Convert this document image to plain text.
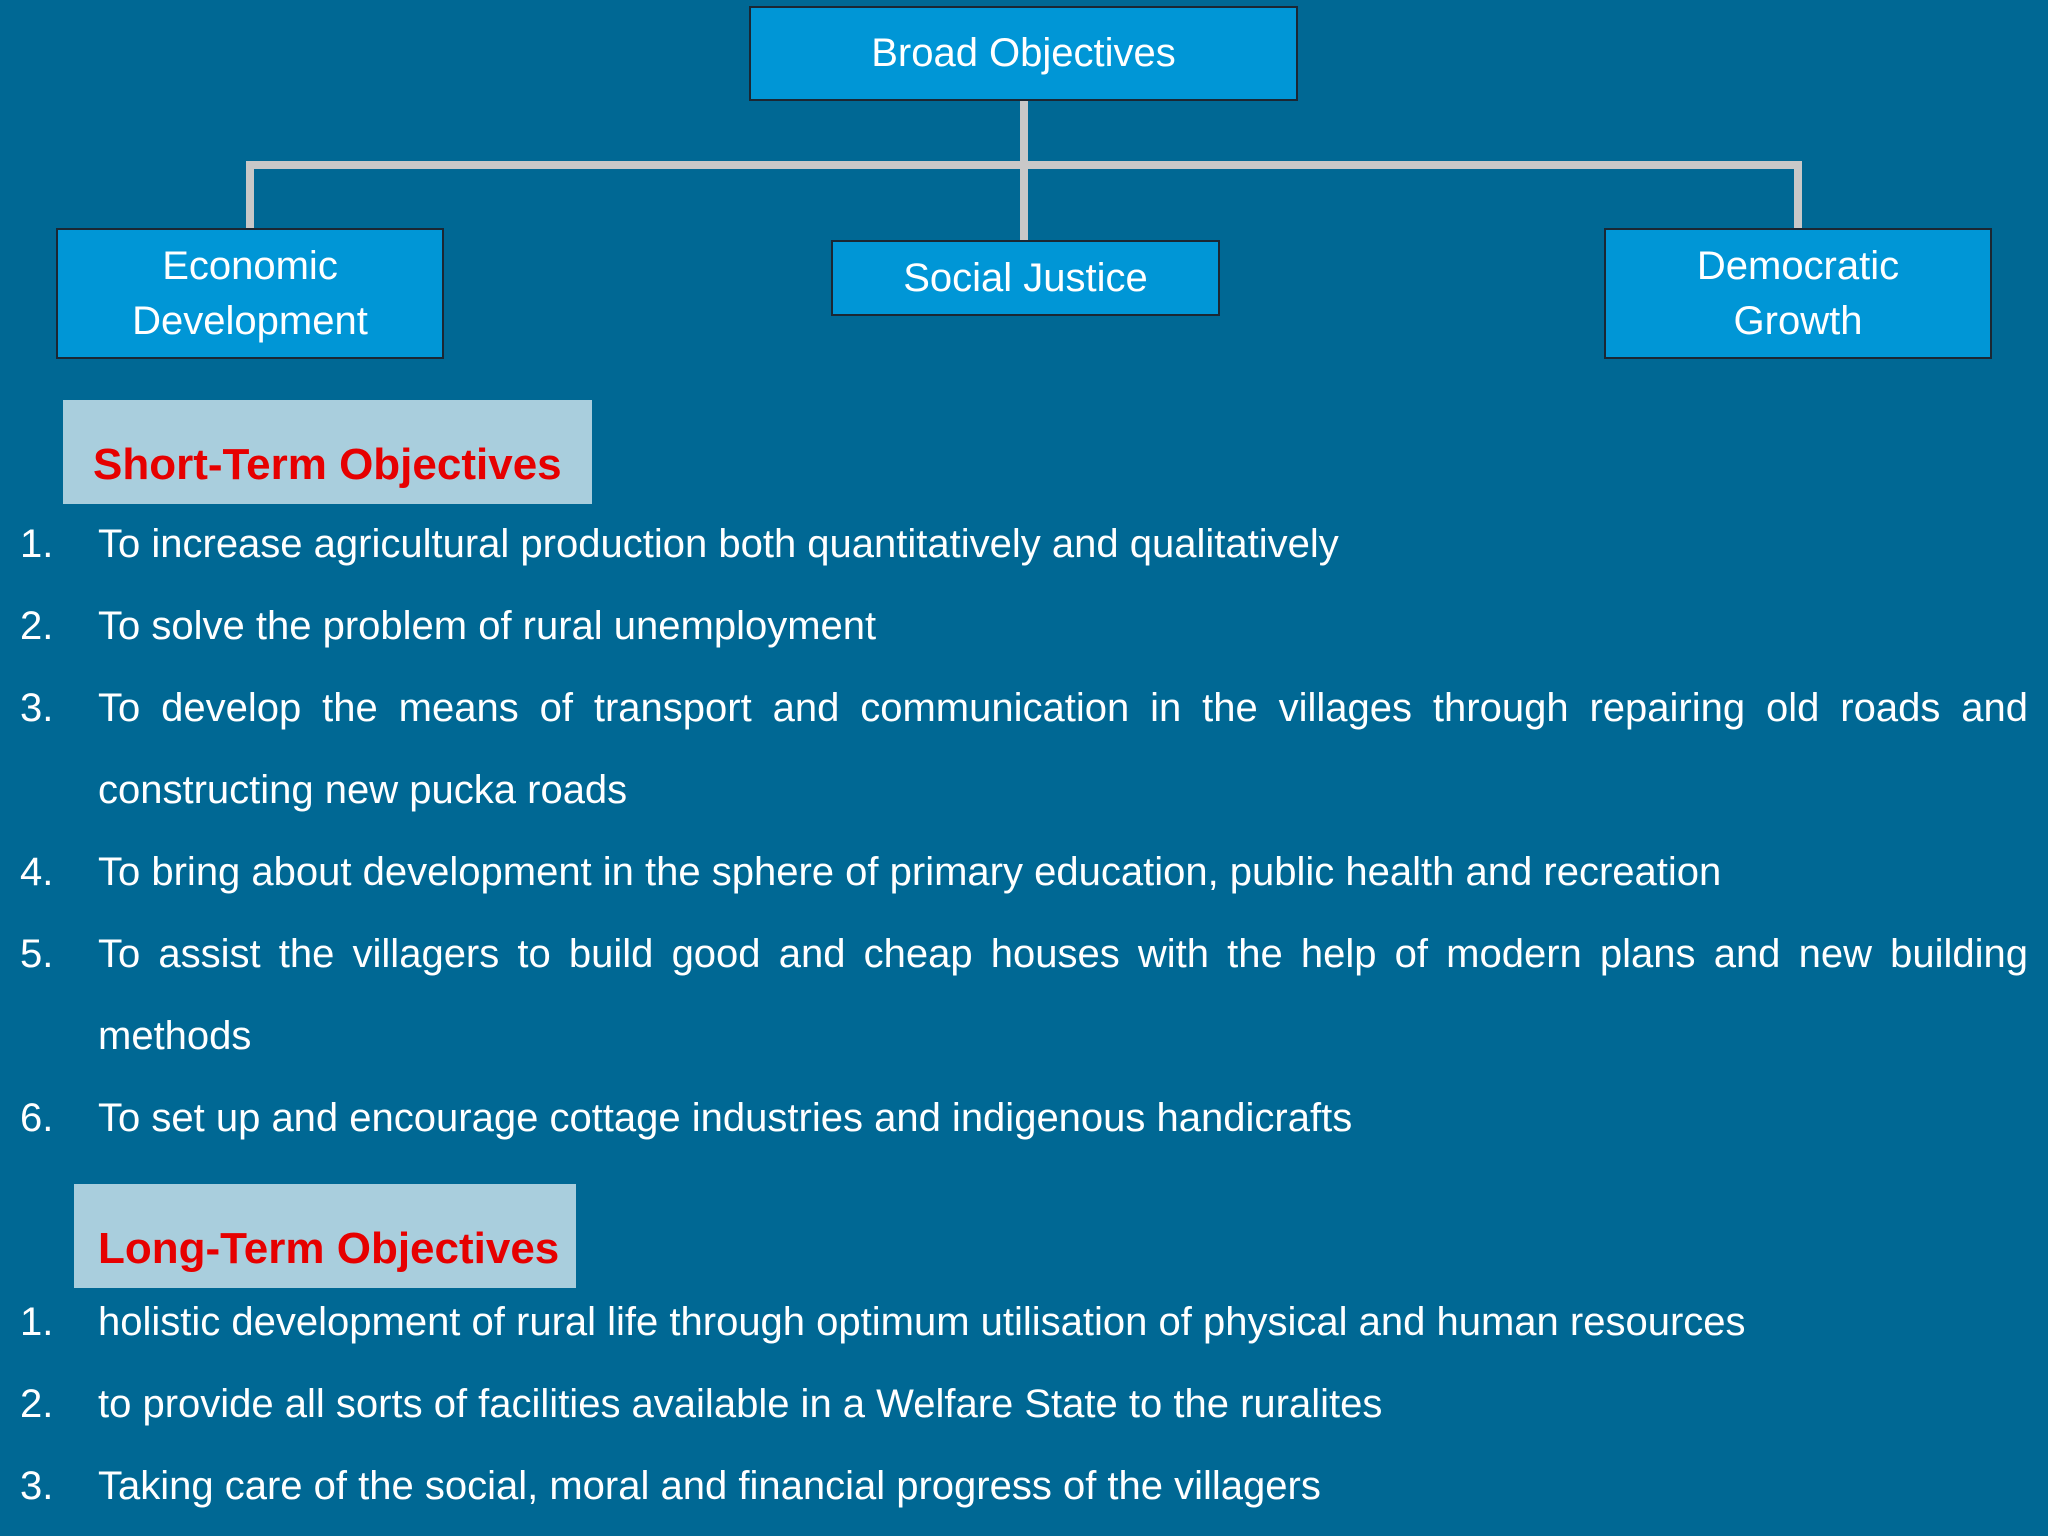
Broad Objectives
Economic
Development
Social Justice	Democratic
Growth
Short-Term Objectives
1.	To increase agricultural production both quantitatively and qualitatively
2.	To solve the problem of rural unemployment
3.	To develop the means of transport and communication in the villages through repairing old roads and constructing new pucka roads
4.	To bring about development in the sphere of primary education, public health and recreation
5.	To assist the villagers to build good and cheap houses with the help of modern plans and new building methods
6.	To set up and encourage cottage industries and indigenous handicrafts
Long-Term Objectives
1.	holistic development of rural life through optimum utilisation of physical and human resources
2.	to provide all sorts of facilities available in a Welfare State to the ruralites
3.	Taking care of the social, moral and financial progress of the villagers
